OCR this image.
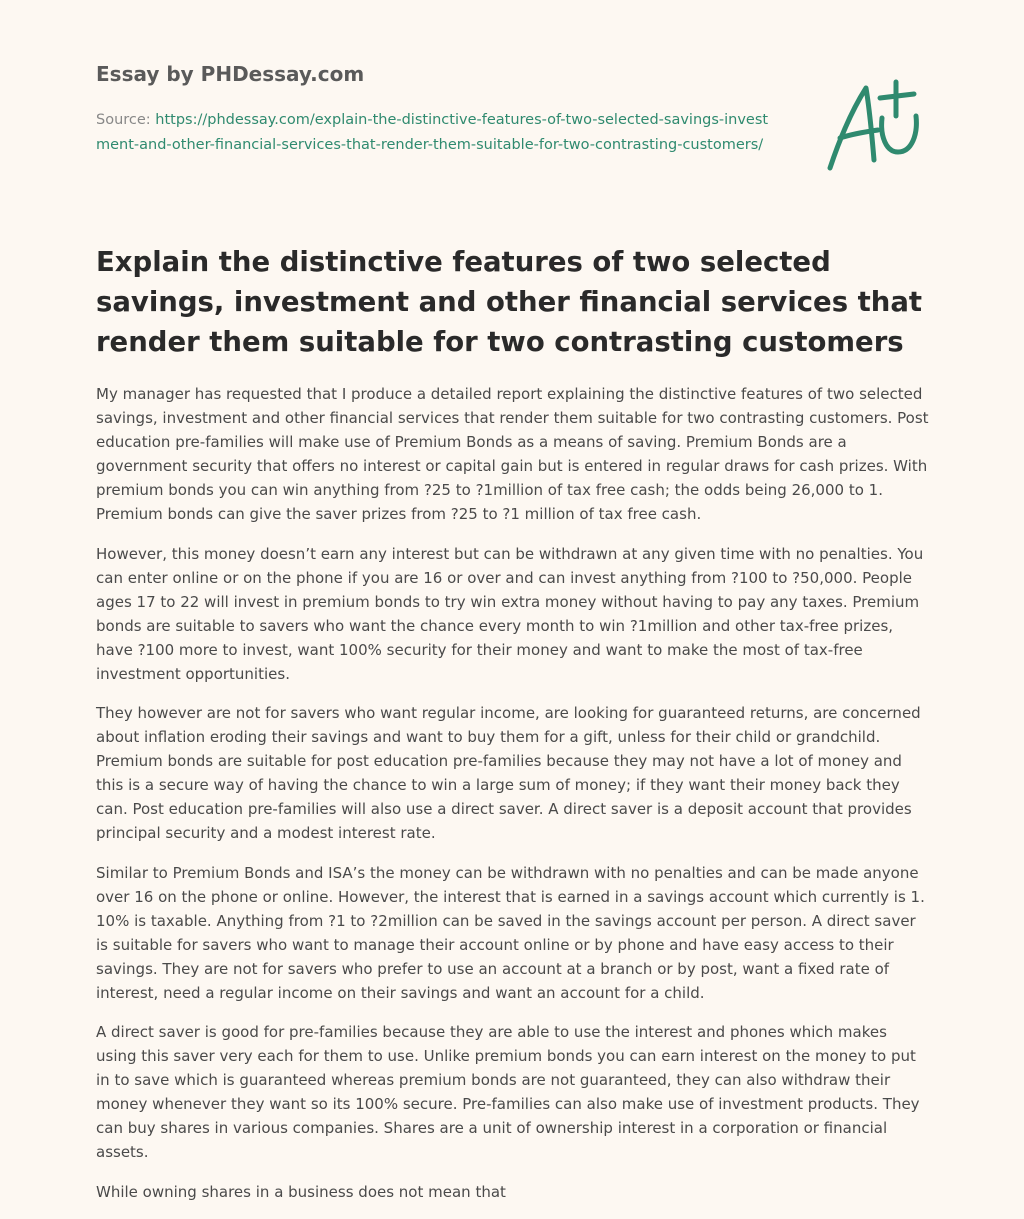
Essay by PHDessay.com
Source: https://phdessay.com/explain-the-distinctive-features-of-two-selected-savings-investment-and-other-financial-services-that-render-them-suitable-for-two-contrasting-customers/
Explain the distinctive features of two selected savings, investment and other financial services that render them suitable for two contrasting customers

My manager has requested that I produce a detailed report explaining the distinctive features of two selected savings, investment and other financial services that render them suitable for two contrasting customers. Post education pre-families will make use of Premium Bonds as a means of saving. Premium Bonds are a government security that offers no interest or capital gain but is entered in regular draws for cash prizes. With premium bonds you can win anything from ?25 to ?1million of tax free cash; the odds being 26,000 to 1. Premium bonds can give the saver prizes from ?25 to ?1 million of tax free cash.

However, this money doesn’t earn any interest but can be withdrawn at any given time with no penalties. You can enter online or on the phone if you are 16 or over and can invest anything from ?100 to ?50,000. People ages 17 to 22 will invest in premium bonds to try win extra money without having to pay any taxes. Premium bonds are suitable to savers who want the chance every month to win ?1million and other tax-free prizes, have ?100 more to invest, want 100% security for their money and want to make the most of tax-free investment opportunities.

They however are not for savers who want regular income, are looking for guaranteed returns, are concerned about inflation eroding their savings and want to buy them for a gift, unless for their child or grandchild. Premium bonds are suitable for post education pre-families because they may not have a lot of money and this is a secure way of having the chance to win a large sum of money; if they want their money back they can. Post education pre-families will also use a direct saver. A direct saver is a deposit account that provides principal security and a modest interest rate.

Similar to Premium Bonds and ISA’s the money can be withdrawn with no penalties and can be made anyone over 16 on the phone or online. However, the interest that is earned in a savings account which currently is 1. 10% is taxable. Anything from ?1 to ?2million can be saved in the savings account per person. A direct saver is suitable for savers who want to manage their account online or by phone and have easy access to their savings. They are not for savers who prefer to use an account at a branch or by post, want a fixed rate of interest, need a regular income on their savings and want an account for a child.

A direct saver is good for pre-families because they are able to use the interest and phones which makes using this saver very each for them to use. Unlike premium bonds you can earn interest on the money to put in to save which is guaranteed whereas premium bonds are not guaranteed, they can also withdraw their money whenever they want so its 100% secure. Pre-families can also make use of investment products. They can buy shares in various companies. Shares are a unit of ownership interest in a corporation or financial assets.

While owning shares in a business does not mean that
